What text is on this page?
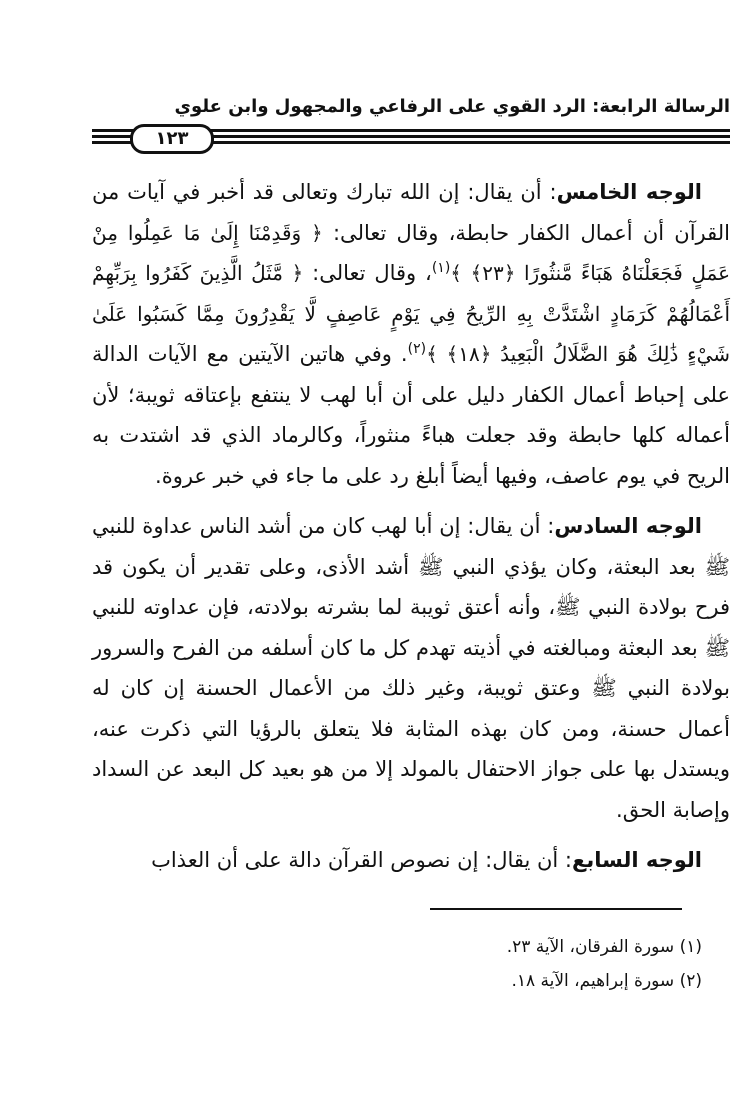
الرسالة الرابعة: الرد القوي على الرفاعي والمجهول وابن علوي
١٢٣

الوجه الخامس: أن يقال: إن الله تبارك وتعالى قد أخبر في آيات من القرآن أن أعمال الكفار حابطة، وقال تعالى: ﴿ وَقَدِمْنَا إِلَىٰ مَا عَمِلُوا مِنْ عَمَلٍ فَجَعَلْنَاهُ هَبَاءً مَّنثُورًا ﴿٢٣﴾ ﴾$^{(١)}$، وقال تعالى: ﴿ مَّثَلُ الَّذِينَ كَفَرُوا بِرَبِّهِمْ أَعْمَالُهُمْ كَرَمَادٍ اشْتَدَّتْ بِهِ الرِّيحُ فِي يَوْمٍ عَاصِفٍ لَّا يَقْدِرُونَ مِمَّا كَسَبُوا عَلَىٰ شَيْءٍ ذَٰلِكَ هُوَ الضَّلَالُ الْبَعِيدُ ﴿١٨﴾ ﴾$^{(٢)}$. وفي هاتين الآيتين مع الآيات الدالة على إحباط أعمال الكفار دليل على أن أبا لهب لا ينتفع بإعتاقه ثويبة؛ لأن أعماله كلها حابطة وقد جعلت هباءً منثوراً، وكالرماد الذي قد اشتدت به الريح في يوم عاصف، وفيها أيضاً أبلغ رد على ما جاء في خبر عروة.

الوجه السادس: أن يقال: إن أبا لهب كان من أشد الناس عداوة للنبي ﷺ بعد البعثة، وكان يؤذي النبي ﷺ أشد الأذى، وعلى تقدير أن يكون قد فرح بولادة النبي ﷺ، وأنه أعتق ثويبة لما بشرته بولادته، فإن عداوته للنبي ﷺ بعد البعثة ومبالغته في أذيته تهدم كل ما كان أسلفه من الفرح والسرور بولادة النبي ﷺ وعتق ثويبة، وغير ذلك من الأعمال الحسنة إن كان له أعمال حسنة، ومن كان بهذه المثابة فلا يتعلق بالرؤيا التي ذكرت عنه، ويستدل بها على جواز الاحتفال بالمولد إلا من هو بعيد كل البعد عن السداد وإصابة الحق.

الوجه السابع: أن يقال: إن نصوص القرآن دالة على أن العذاب

(١) سورة الفرقان، الآية ٢٣.
(٢) سورة إبراهيم، الآية ١٨.
